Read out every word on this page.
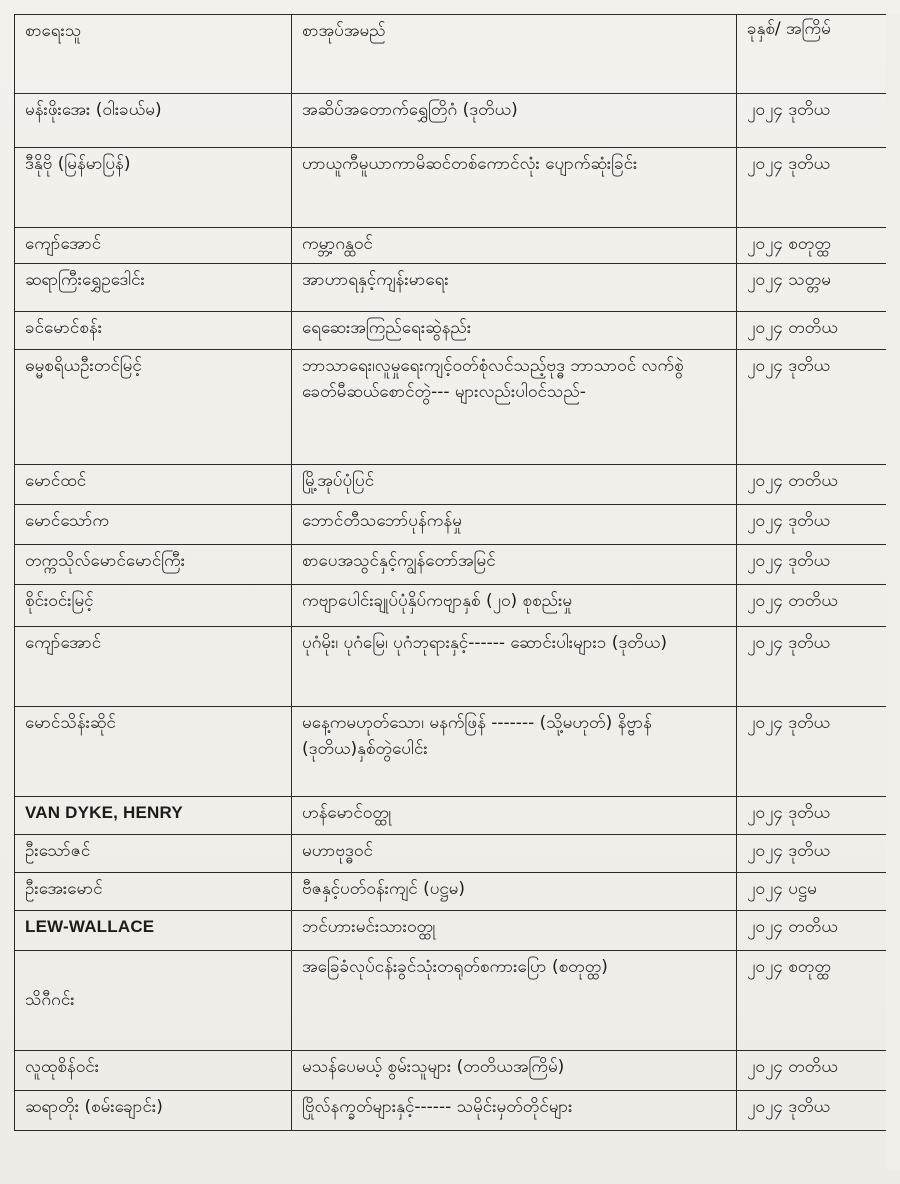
စာရေးသူ	စာအုပ်အမည်	ခုနှစ်/ အကြိမ်
မန်းဖိုးအေး (ဝါးခယ်မ)	အဆိပ်အတောက်ရွှေတြိဂံ (ဒုတိယ)	၂၀၂၄ ဒုတိယ
ဒီနိုဗို (မြန်မာပြန်)	ဟာယူကီမူယာကာမိဆင်တစ်ကောင်လုံး ပျောက်ဆုံးခြင်း	၂၀၂၄ ဒုတိယ
ကျော်အောင်	ကမ္ဘာ့ဂန္ထဝင်	၂၀၂၄ စတုတ္ထ
ဆရာကြီးရွှေဥဒေါင်း	အာဟာရနှင့်ကျန်းမာရေး	၂၀၂၄ သတ္တမ
ခင်မောင်စန်း	ရေဆေးအကြည်ရေးဆွဲနည်း	၂၀၂၄ တတိယ
ဓမ္မစရိယဦးတင်မြင့်	ဘာသာရေး၊လူမှုရေးကျင့်ဝတ်စုံလင်သည့်ဗုဒ္ဓ ဘာသာဝင် လက်စွဲခေတ်မီဆယ်စောင်တွဲ--- များလည်းပါဝင်သည်-	၂၀၂၄ ဒုတိယ
မောင်ထင်	မြို့အုပ်ပုံပြင်	၂၀၂၄ တတိယ
မောင်သော်က	ဘောင်တီသဘော်ပုန်ကန်မှု	၂၀၂၄ ဒုတိယ
တက္ကသိုလ်မောင်မောင်ကြီး	စာပေအသွင်နှင့်ကျွန်တော်အမြင်	၂၀၂၄ ဒုတိယ
စိုင်းဝင်းမြင့်	ကဗျာပေါင်းချုပ်ပုံနှိပ်ကဗျာနှစ် (၂၀) စုစည်းမှု	၂၀၂၄ တတိယ
ကျော်အောင်	ပုဂံမိုး၊ ပုဂံမြေ၊ ပုဂံဘုရားနှင့်------ ဆောင်းပါးများ၁ (ဒုတိယ)	၂၀၂၄ ဒုတိယ
မောင်သိန်းဆိုင်	မနေ့ကမဟုတ်သော၊ မနက်ဖြန် ------- (သို့မဟုတ်) နိဗ္ဗာန် (ဒုတိယ)နှစ်တွဲပေါင်း	၂၀၂၄ ဒုတိယ
VAN DYKE, HENRY	ဟန်မောင်ဝတ္ထု	၂၀၂၄ ဒုတိယ
ဦးသော်ဇင်	မဟာဗုဒ္ဓဝင်	၂၀၂၄ ဒုတိယ
ဦးအေးမောင်	ဗီဇနှင့်ပတ်ဝန်းကျင် (ပဋ္ဌမ)	၂၀၂၄ ပဋ္ဌမ
LEW-WALLACE	ဘင်ဟားမင်းသားဝတ္ထု	၂၀၂၄ တတိယ
သိဂီဂင်း	အခြေခံလုပ်ငန်းခွင်သုံးတရုတ်စကားပြော (စတုတ္ထ)	၂၀၂၄ စတုတ္ထ
လူထုစိန်ဝင်း	မသန်ပေမယ့် စွမ်းသူများ (တတိယအကြိမ်)	၂၀၂၄ တတိယ
ဆရာတိုး (စမ်းချောင်း)	ဗြိုလ်နက္ခတ်များနှင့်------ သမိုင်းမှတ်တိုင်များ	၂၀၂၄ ဒုတိယ
